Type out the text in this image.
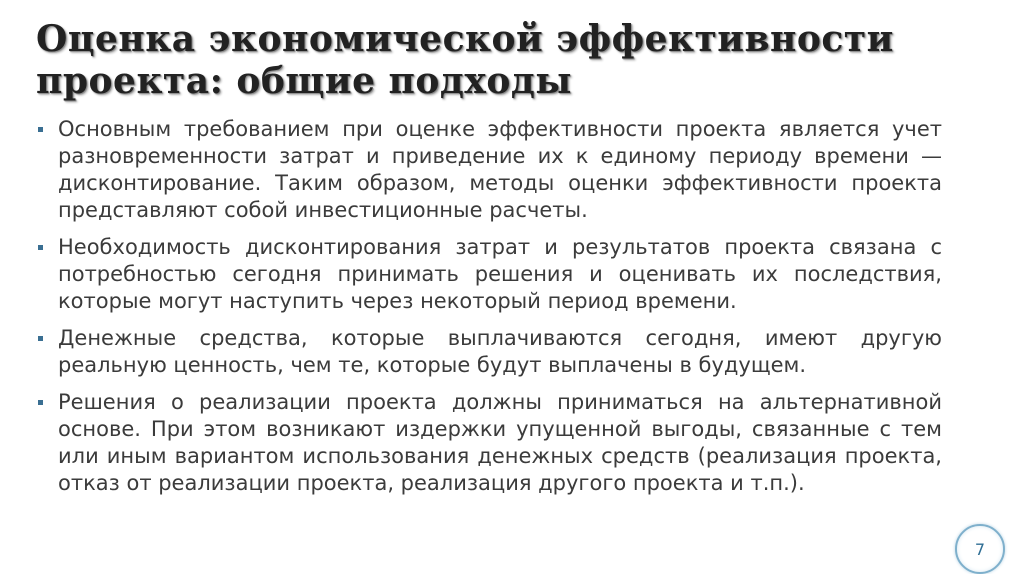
Оценка экономической эффективности
проекта: общие подходы
Основным требованием при оценке эффективности проекта является учет разновременности затрат и приведение их к единому периоду времени — дисконтирование. Таким образом, методы оценки эффективности проекта представляют собой инвестиционные расчеты.
Необходимость дисконтирования затрат и результатов проекта связана с потребностью сегодня принимать решения и оценивать их последствия, которые могут наступить через некоторый период времени.
Денежные средства, которые выплачиваются сегодня, имеют другую реальную ценность, чем те, которые будут выплачены в будущем.
Решения о реализации проекта должны приниматься на альтернативной основе. При этом возникают издержки упущенной выгоды, связанные с тем или иным вариантом использования денежных средств (реализация проекта, отказ от реализации проекта, реализация другого проекта и т.п.).
7
